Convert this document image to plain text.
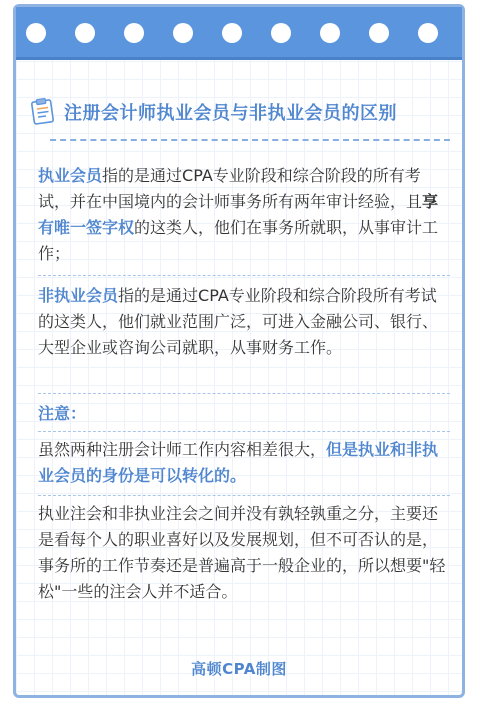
注册会计师执业会员与非执业会员的区别

执业会员指的是通过CPA专业阶段和综合阶段的所有考试，并在中国境内的会计师事务所有两年审计经验，且享有唯一签字权的这类人，他们在事务所就职，从事审计工作；

非执业会员指的是通过CPA专业阶段和综合阶段所有考试的这类人，他们就业范围广泛，可进入金融公司、银行、大型企业或咨询公司就职，从事财务工作。

注意：

虽然两种注册会计师工作内容相差很大，但是执业和非执业会员的身份是可以转化的。

执业注会和非执业注会之间并没有孰轻孰重之分，主要还是看每个人的职业喜好以及发展规划，但不可否认的是，事务所的工作节奏还是普遍高于一般企业的，所以想要"轻松"一些的注会人并不适合。

高顿CPA制图
